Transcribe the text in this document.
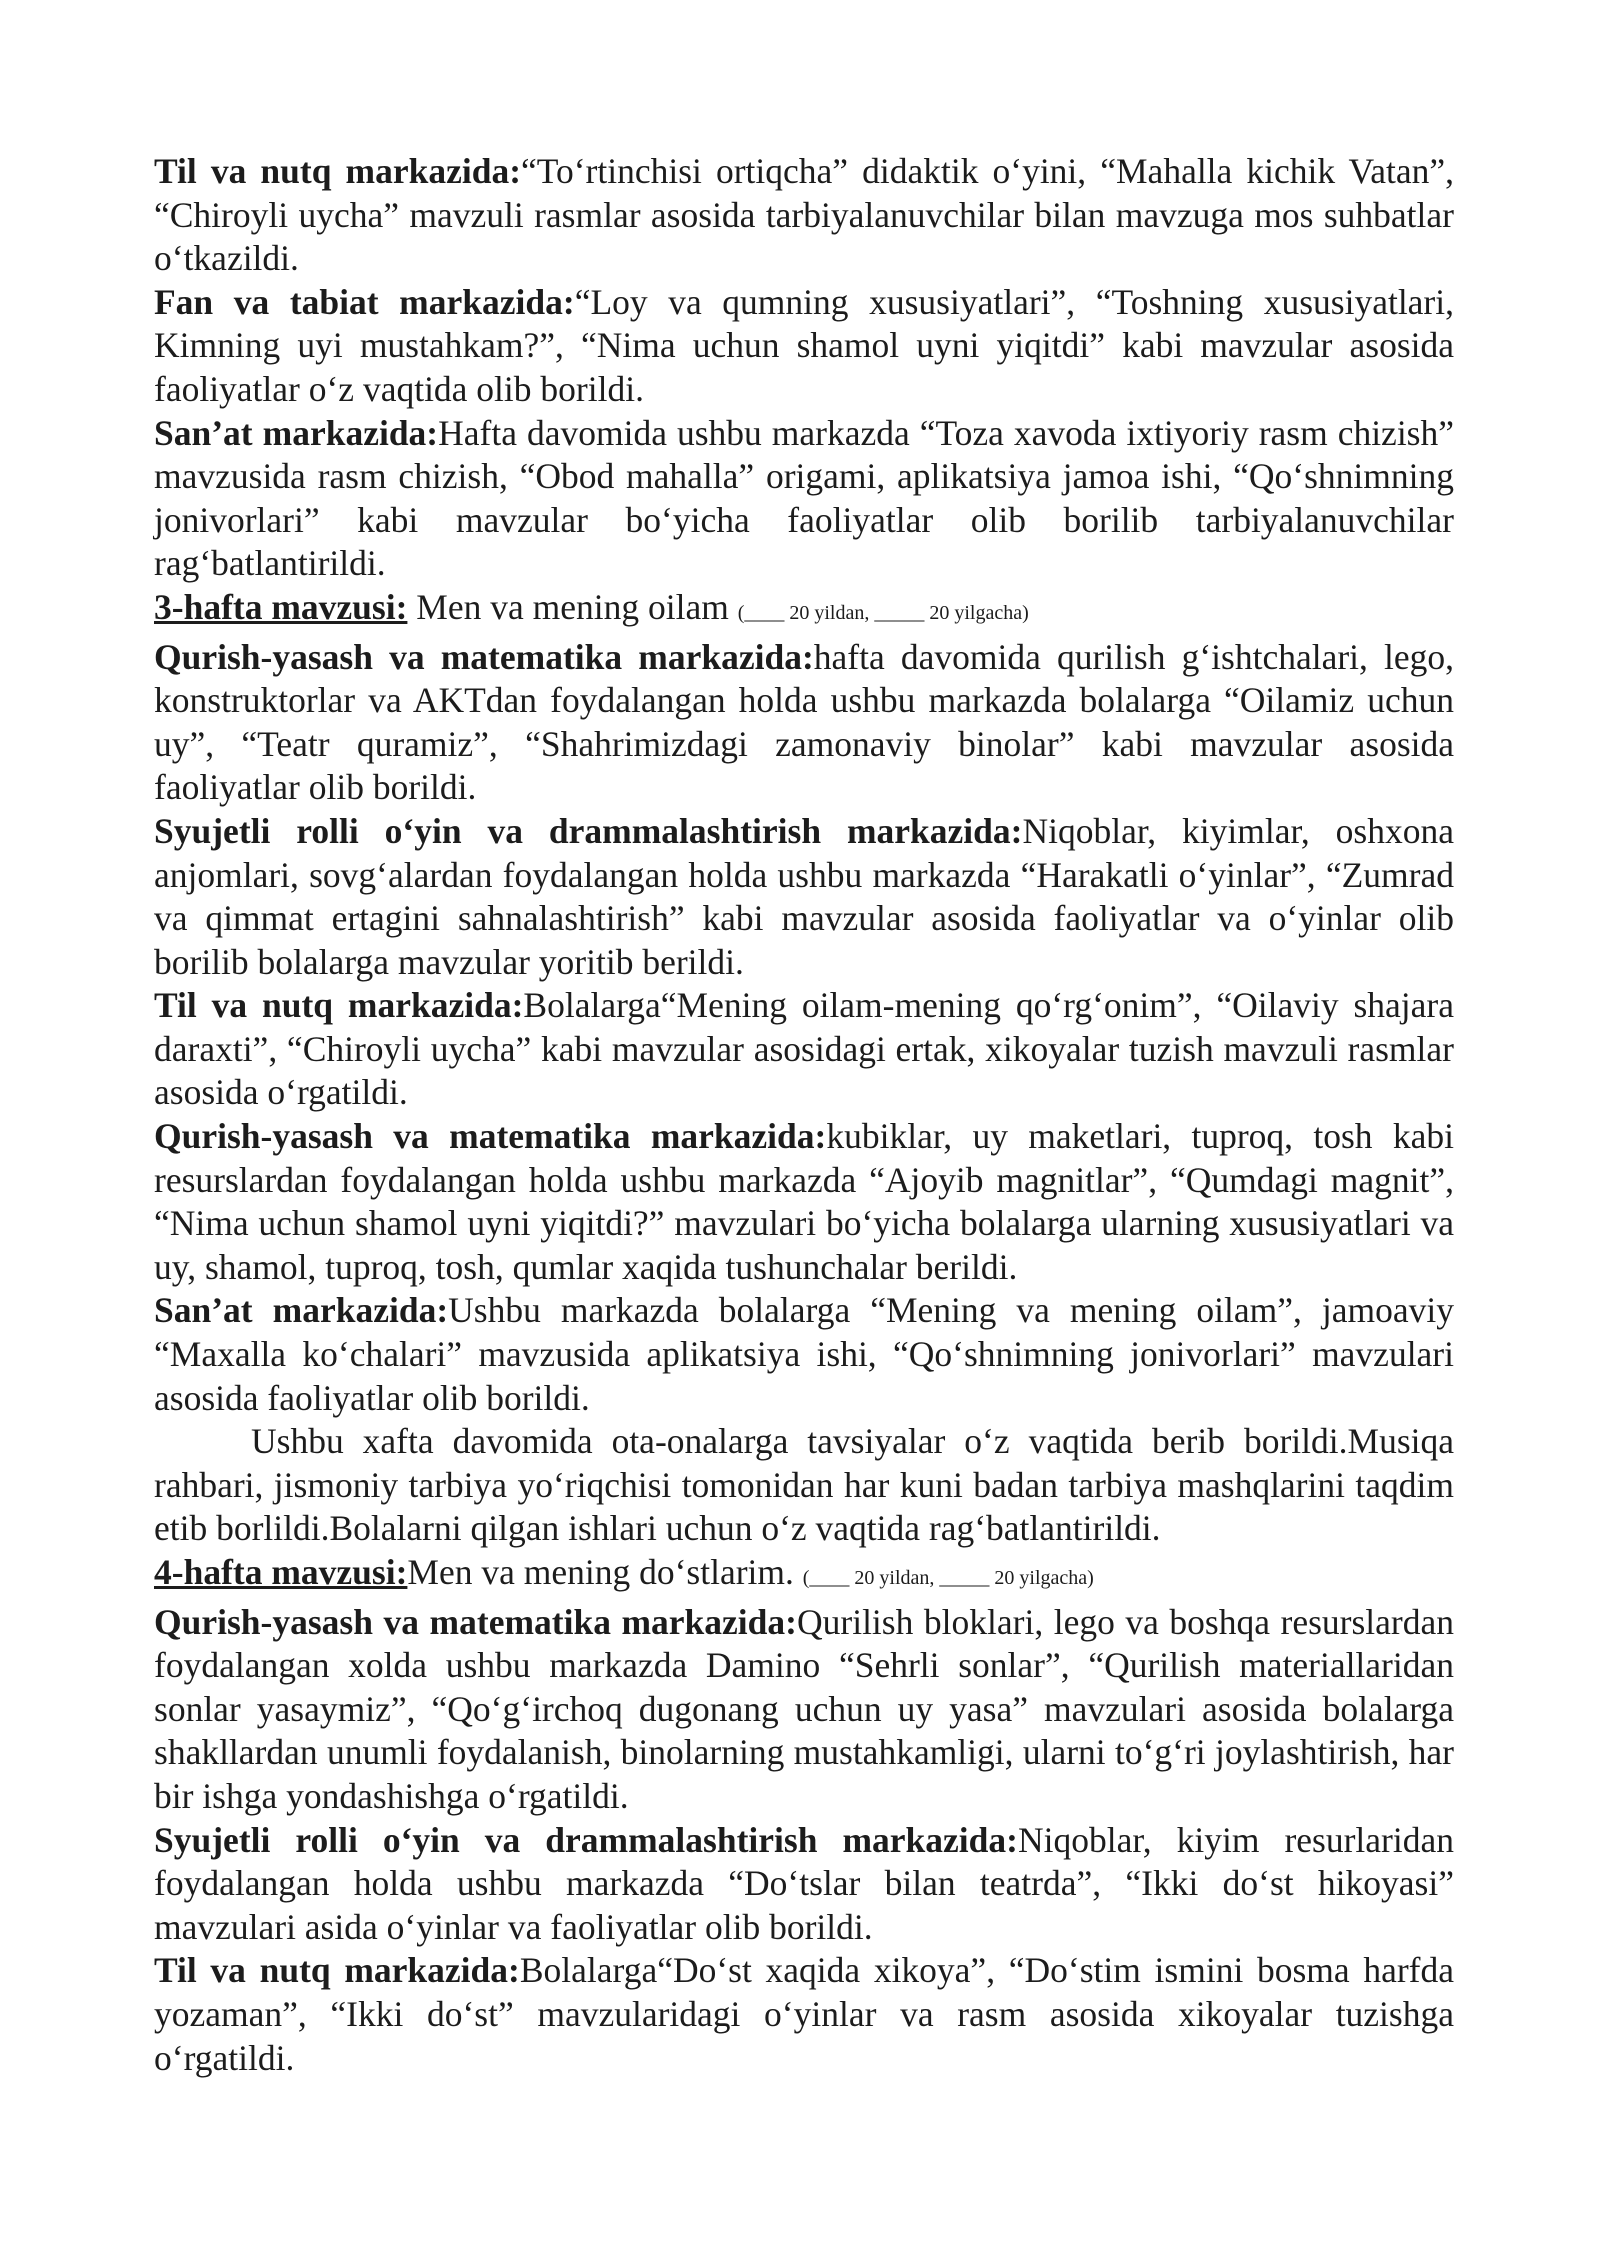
Til va nutq markazida:“To‘rtinchisi ortiqcha” didaktik o‘yini, “Mahalla kichik Vatan”, “Chiroyli uycha” mavzuli rasmlar asosida tarbiyalanuvchilar bilan mavzuga mos suhbatlar o‘tkazildi.

Fan va tabiat markazida:“Loy va qumning xususiyatlari”, “Toshning xususiyatlari, Kimning uyi mustahkam?”, “Nima uchun shamol uyni yiqitdi” kabi mavzular asosida faoliyatlar o‘z vaqtida olib borildi.

San’at markazida:Hafta davomida ushbu markazda “Toza xavoda ixtiyoriy rasm chizish” mavzusida rasm chizish, “Obod mahalla” origami, aplikatsiya jamoa ishi, “Qo‘shnimning jonivorlari” kabi mavzular bo‘yicha faoliyatlar olib borilib tarbiyalanuvchilar rag‘batlantirildi.

3-hafta mavzusi: Men va mening oilam (____ 20 yildan, _____ 20 yilgacha)

Qurish-yasash va matematika markazida:hafta davomida qurilish g‘ishtchalari, lego, konstruktorlar va AKTdan foydalangan holda ushbu markazda bolalarga “Oilamiz uchun uy”, “Teatr quramiz”, “Shahrimizdagi zamonaviy binolar” kabi mavzular asosida faoliyatlar olib borildi.

Syujetli rolli o‘yin va drammalashtirish markazida:Niqoblar, kiyimlar, oshxona anjomlari, sovg‘alardan foydalangan holda ushbu markazda “Harakatli o‘yinlar”, “Zumrad va qimmat ertagini sahnalashtirish” kabi mavzular asosida faoliyatlar va o‘yinlar olib borilib bolalarga mavzular yoritib berildi.

Til va nutq markazida:Bolalarga“Mening oilam-mening qo‘rg‘onim”, “Oilaviy shajara daraxti”, “Chiroyli uycha” kabi mavzular asosidagi ertak, xikoyalar tuzish mavzuli rasmlar asosida o‘rgatildi.

Qurish-yasash va matematika markazida:kubiklar, uy maketlari, tuproq, tosh kabi resurslardan foydalangan holda ushbu markazda “Ajoyib magnitlar”, “Qumdagi magnit”, “Nima uchun shamol uyni yiqitdi?” mavzulari bo‘yicha bolalarga ularning xususiyatlari va uy, shamol, tuproq, tosh, qumlar xaqida tushunchalar berildi.

San’at markazida:Ushbu markazda bolalarga “Mening va mening oilam”, jamoaviy “Maxalla ko‘chalari” mavzusida aplikatsiya ishi, “Qo‘shnimning jonivorlari” mavzulari asosida faoliyatlar olib borildi.

Ushbu xafta davomida ota-onalarga tavsiyalar o‘z vaqtida berib borildi.Musiqa rahbari, jismoniy tarbiya yo‘riqchisi tomonidan har kuni badan tarbiya mashqlarini taqdim etib borlildi.Bolalarni qilgan ishlari uchun o‘z vaqtida rag‘batlantirildi.

4-hafta mavzusi:Men va mening do‘stlarim. (____ 20 yildan, _____ 20 yilgacha)

Qurish-yasash va matematika markazida:Qurilish bloklari, lego va boshqa resurslardan foydalangan xolda ushbu markazda Damino “Sehrli sonlar”, “Qurilish materiallaridan sonlar yasaymiz”, “Qo‘g‘irchoq dugonang uchun uy yasa” mavzulari asosida bolalarga shakllardan unumli foydalanish, binolarning mustahkamligi, ularni to‘g‘ri joylashtirish, har bir ishga yondashishga o‘rgatildi.

Syujetli rolli o‘yin va drammalashtirish markazida:Niqoblar, kiyim resurlaridan foydalangan holda ushbu markazda “Do‘tslar bilan teatrda”, “Ikki do‘st hikoyasi” mavzulari asida o‘yinlar va faoliyatlar olib borildi.

Til va nutq markazida:Bolalarga“Do‘st xaqida xikoya”, “Do‘stim ismini bosma harfda yozaman”, “Ikki do‘st” mavzularidagi o‘yinlar va rasm asosida xikoyalar tuzishga o‘rgatildi.
